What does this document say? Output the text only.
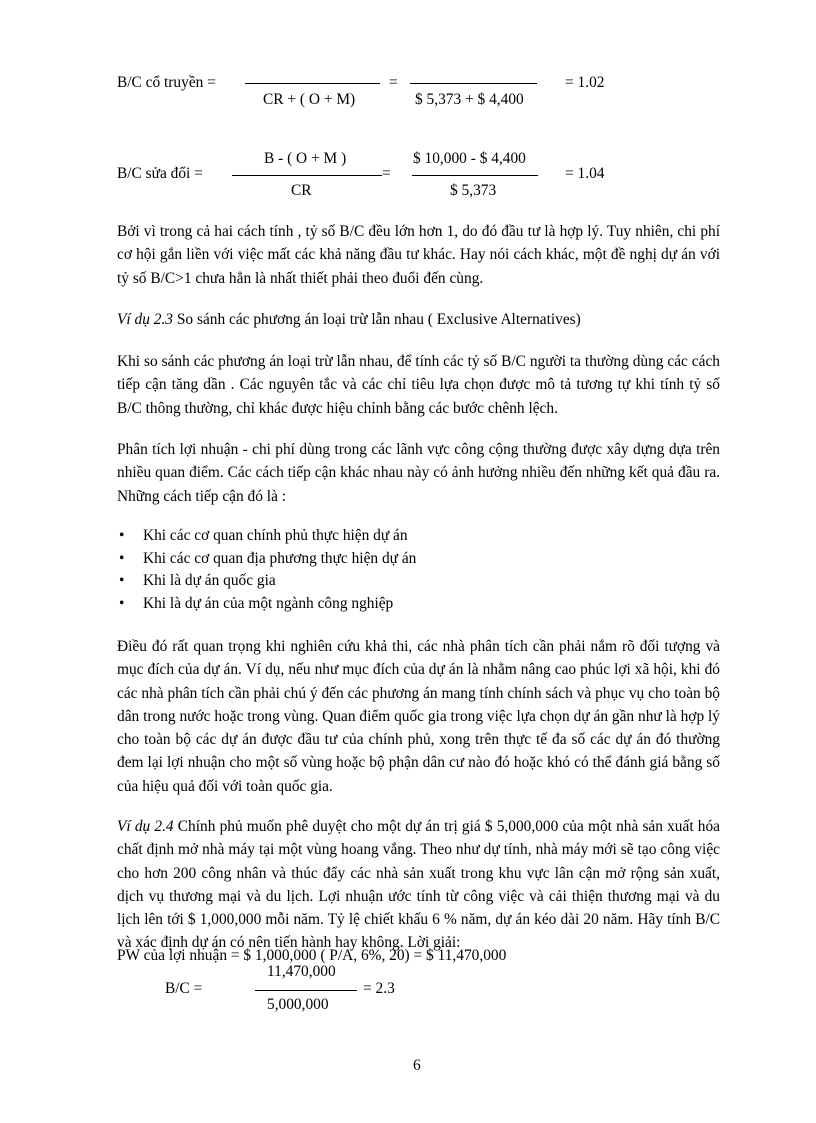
B/C cổ truyền =	=	= 1.02
CR + ( O + M)	$ 5,373 + $ 4,400
B - ( O + M )	$ 10,000 - $ 4,400
B/C sửa đổi =	=	= 1.04
CR	$ 5,373

Bởi vì trong cả hai cách tính , tỷ số B/C đều lớn hơn 1, do đó đầu tư là hợp lý. Tuy nhiên, chi phí cơ hội gắn liền với việc mất các khả năng đầu tư khác. Hay nói cách khác, một đề nghị dự án với tỷ số B/C>1 chưa hẳn là nhất thiết phải theo đuổi đến cùng.

Ví dụ 2.3 So sánh các phương án loại trừ lẫn nhau ( Exclusive Alternatives)

Khi so sánh các phương án loại trừ lẫn nhau, để tính các tỷ số B/C người ta thường dùng các cách tiếp cận tăng dần . Các nguyên tắc và các chỉ tiêu lựa chọn được mô tả tương tự khi tính tỷ số B/C thông thường, chỉ khác được hiệu chỉnh bằng các bước chênh lệch.

Phân tích lợi nhuận - chi phí dùng trong các lãnh vực công cộng thường được xây dựng dựa trên nhiều quan điểm. Các cách tiếp cận khác nhau này có ảnh hưởng nhiều đến những kết quả đầu ra. Những cách tiếp cận đó là :

• Khi các cơ quan chính phủ thực hiện dự án
• Khi các cơ quan địa phương thực hiện dự án
• Khi là dự án quốc gia
• Khi là dự án của một ngành công nghiệp

Điều đó rất quan trọng khi nghiên cứu khả thi, các nhà phân tích cần phải nắm rõ đối tượng và mục đích của dự án. Ví dụ, nếu như mục đích của dự án là nhằm nâng cao phúc lợi xã hội, khi đó các nhà phân tích cần phải chú ý đến các phương án mang tính chính sách và phục vụ cho toàn bộ dân trong nước hoặc trong vùng. Quan điểm quốc gia trong việc lựa chọn dự án gần như là hợp lý cho toàn bộ các dự án được đầu tư của chính phủ, xong trên thực tế đa số các dự án đó thường đem lại lợi nhuận cho một số vùng hoặc bộ phận dân cư nào đó hoặc khó có thể đánh giá bằng số của hiệu quả đối với toàn quốc gia.

Ví dụ 2.4 Chính phủ muốn phê duyệt cho một dự án trị giá $ 5,000,000 của một nhà sản xuất hóa chất định mở nhà máy tại một vùng hoang vắng. Theo như dự tính, nhà máy mới sẽ tạo công việc cho hơn 200 công nhân và thúc đẩy các nhà sản xuất trong khu vực lân cận mở rộng sản xuất, dịch vụ thương mại và du lịch. Lợi nhuận ước tính từ công việc và cải thiện thương mại và du lịch lên tới $ 1,000,000 mỗi năm. Tỷ lệ chiết khấu 6 % năm, dự án kéo dài 20 năm. Hãy tính B/C và xác định dự án có nên tiến hành hay không. Lời giải:

PW của lợi nhuận = $ 1,000,000 ( P/A, 6%, 20) = $ 11,470,000
11,470,000
B/C =	= 2.3
5,000,000
6
